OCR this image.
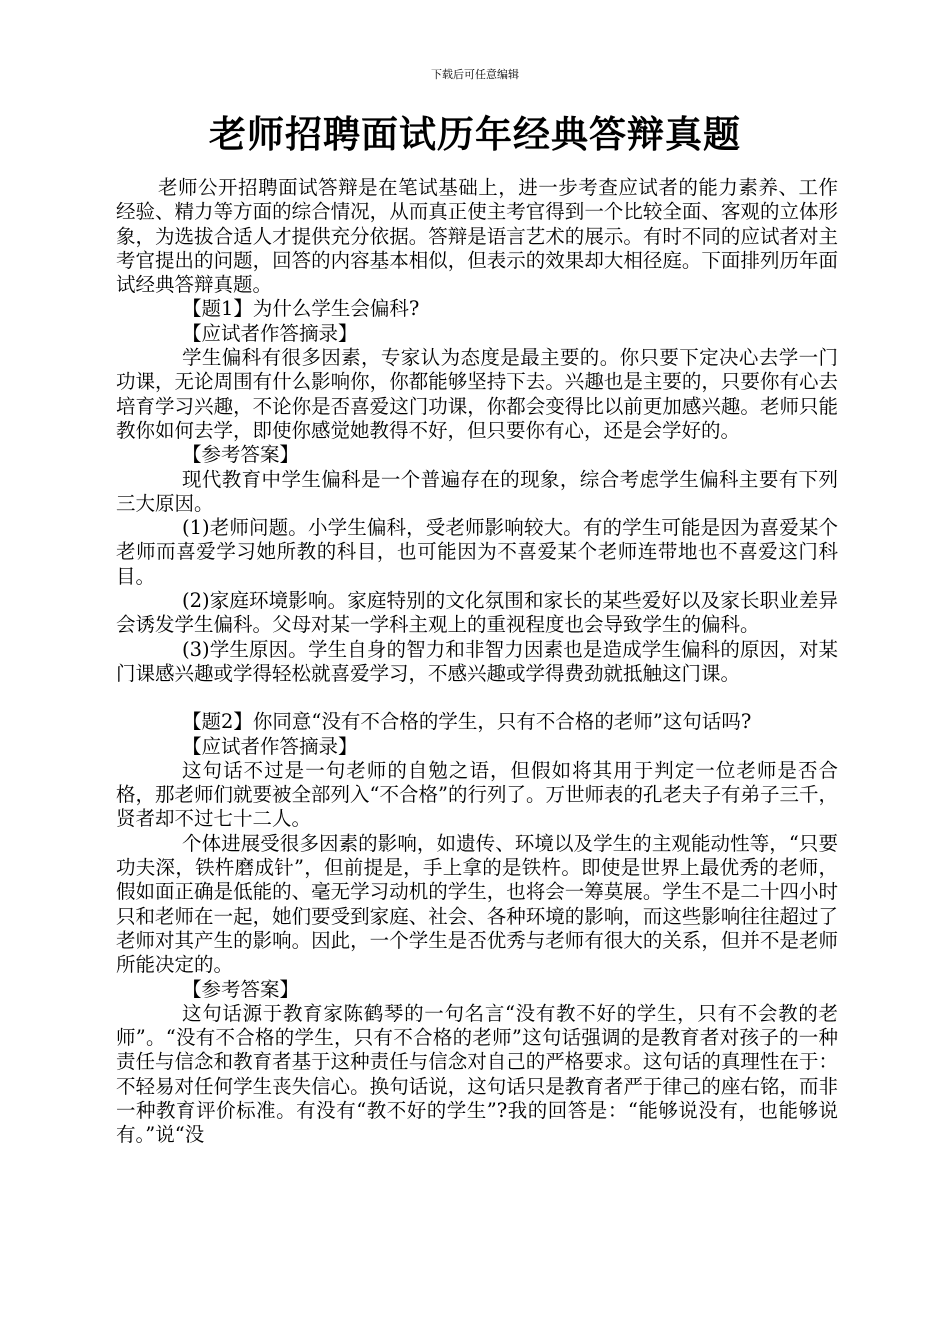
下载后可任意编辑
老师招聘面试历年经典答辩真题

老师公开招聘面试答辩是在笔试基础上，进一步考查应试者的能力素养、工作经验、精力等方面的综合情况，从而真正使主考官得到一个比较全面、客观的立体形象，为选拔合适人才提供充分依据。答辩是语言艺术的展示。有时不同的应试者对主考官提出的问题，回答的内容基本相似，但表示的效果却大相径庭。下面排列历年面试经典答辩真题。

【题1】为什么学生会偏科?

【应试者作答摘录】

学生偏科有很多因素，专家认为态度是最主要的。你只要下定决心去学一门功课，无论周围有什么影响你，你都能够坚持下去。兴趣也是主要的，只要你有心去培育学习兴趣，不论你是否喜爱这门功课，你都会变得比以前更加感兴趣。老师只能教你如何去学，即使你感觉她教得不好，但只要你有心，还是会学好的。

【参考答案】

现代教育中学生偏科是一个普遍存在的现象，综合考虑学生偏科主要有下列三大原因。

(1)老师问题。小学生偏科，受老师影响较大。有的学生可能是因为喜爱某个老师而喜爱学习她所教的科目，也可能因为不喜爱某个老师连带地也不喜爱这门科目。

(2)家庭环境影响。家庭特别的文化氛围和家长的某些爱好以及家长职业差异会诱发学生偏科。父母对某一学科主观上的重视程度也会导致学生的偏科。

(3)学生原因。学生自身的智力和非智力因素也是造成学生偏科的原因，对某门课感兴趣或学得轻松就喜爱学习，不感兴趣或学得费劲就抵触这门课。

【题2】你同意“没有不合格的学生，只有不合格的老师”这句话吗?

【应试者作答摘录】

这句话不过是一句老师的自勉之语，但假如将其用于判定一位老师是否合格，那老师们就要被全部列入“不合格”的行列了。万世师表的孔老夫子有弟子三千，贤者却不过七十二人。

个体进展受很多因素的影响，如遗传、环境以及学生的主观能动性等，“只要功夫深，铁杵磨成针”，但前提是，手上拿的是铁杵。即使是世界上最优秀的老师，假如面正确是低能的、毫无学习动机的学生，也将会一筹莫展。学生不是二十四小时只和老师在一起，她们要受到家庭、社会、各种环境的影响，而这些影响往往超过了老师对其产生的影响。因此，一个学生是否优秀与老师有很大的关系，但并不是老师所能决定的。

【参考答案】

这句话源于教育家陈鹤琴的一句名言“没有教不好的学生，只有不会教的老师”。“没有不合格的学生，只有不合格的老师”这句话强调的是教育者对孩子的一种责任与信念和教育者基于这种责任与信念对自己的严格要求。这句话的真理性在于：不轻易对任何学生丧失信心。换句话说，这句话只是教育者严于律己的座右铭，而非一种教育评价标准。有没有“教不好的学生”?我的回答是：“能够说没有，也能够说有。”说“没
